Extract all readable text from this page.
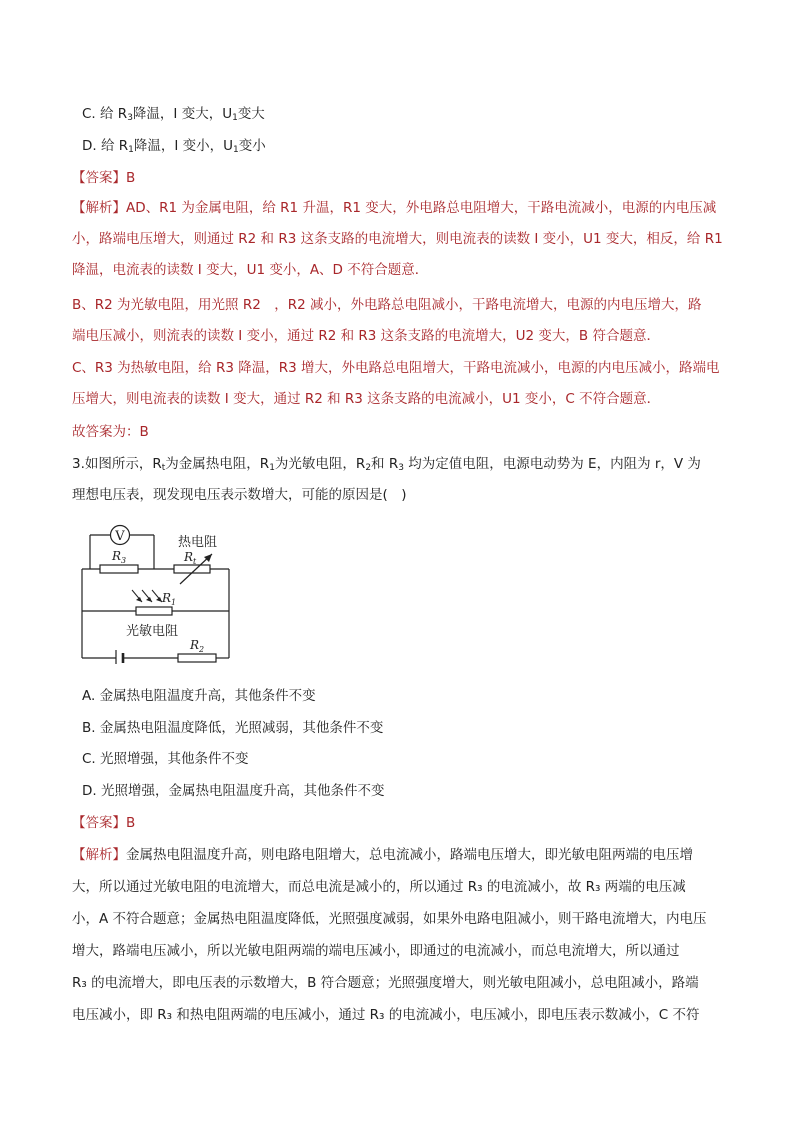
C. 给 $R_3$降温，I 变大，$U_1$变大
D. 给 $R_1$降温，I 变小，$U_1$变小
【答案】B
【解析】AD、R1 为金属电阻，给 R1 升温，R1 变大，外电路总电阻增大，干路电流减小，电源的内电压减
小，路端电压增大，则通过 R2 和 R3 这条支路的电流增大，则电流表的读数 I 变小，U1 变大，相反，给 R1
降温，电流表的读数 I 变大，U1 变小，A、D 不符合题意．
B、R2 为光敏电阻，用光照 R2　，R2 减小，外电路总电阻减小，干路电流增大，电源的内电压增大，路
端电压减小，则流表的读数 I 变小，通过 R2 和 R3 这条支路的电流增大，U2 变大，B 符合题意．
C、R3 为热敏电阻，给 R3 降温，R3 增大，外电路总电阻增大，干路电流减小，电源的内电压减小，路端电
压增大，则电流表的读数 I 变大，通过 R2 和 R3 这条支路的电流减小，U1 变小，C 不符合题意．
故答案为：B
3.如图所示，$R_t$为金属热电阻，$R_1$为光敏电阻，$R_2$和 $R_3$ 均为定值电阻，电源电动势为 E，内阻为 r，V 为
理想电压表，现发现电压表示数增大，可能的原因是(　)
V
$R_3$
热电阻
$R_t$
$R_1$
光敏电阻
$R_2$
A. 金属热电阻温度升高，其他条件不变
B. 金属热电阻温度降低，光照减弱，其他条件不变
C. 光照增强，其他条件不变
D. 光照增强，金属热电阻温度升高，其他条件不变
【答案】B
【解析】金属热电阻温度升高，则电路电阻增大，总电流减小，路端电压增大，即光敏电阻两端的电压增
大，所以通过光敏电阻的电流增大，而总电流是减小的，所以通过 R₃ 的电流减小，故 R₃ 两端的电压减
小，A 不符合题意；金属热电阻温度降低，光照强度减弱，如果外电路电阻减小，则干路电流增大，内电压
增大，路端电压减小，所以光敏电阻两端的端电压减小，即通过的电流减小，而总电流增大，所以通过
R₃ 的电流增大，即电压表的示数增大，B 符合题意；光照强度增大，则光敏电阻减小，总电阻减小，路端
电压减小，即 R₃ 和热电阻两端的电压减小，通过 R₃ 的电流减小，电压减小，即电压表示数减小，C 不符
